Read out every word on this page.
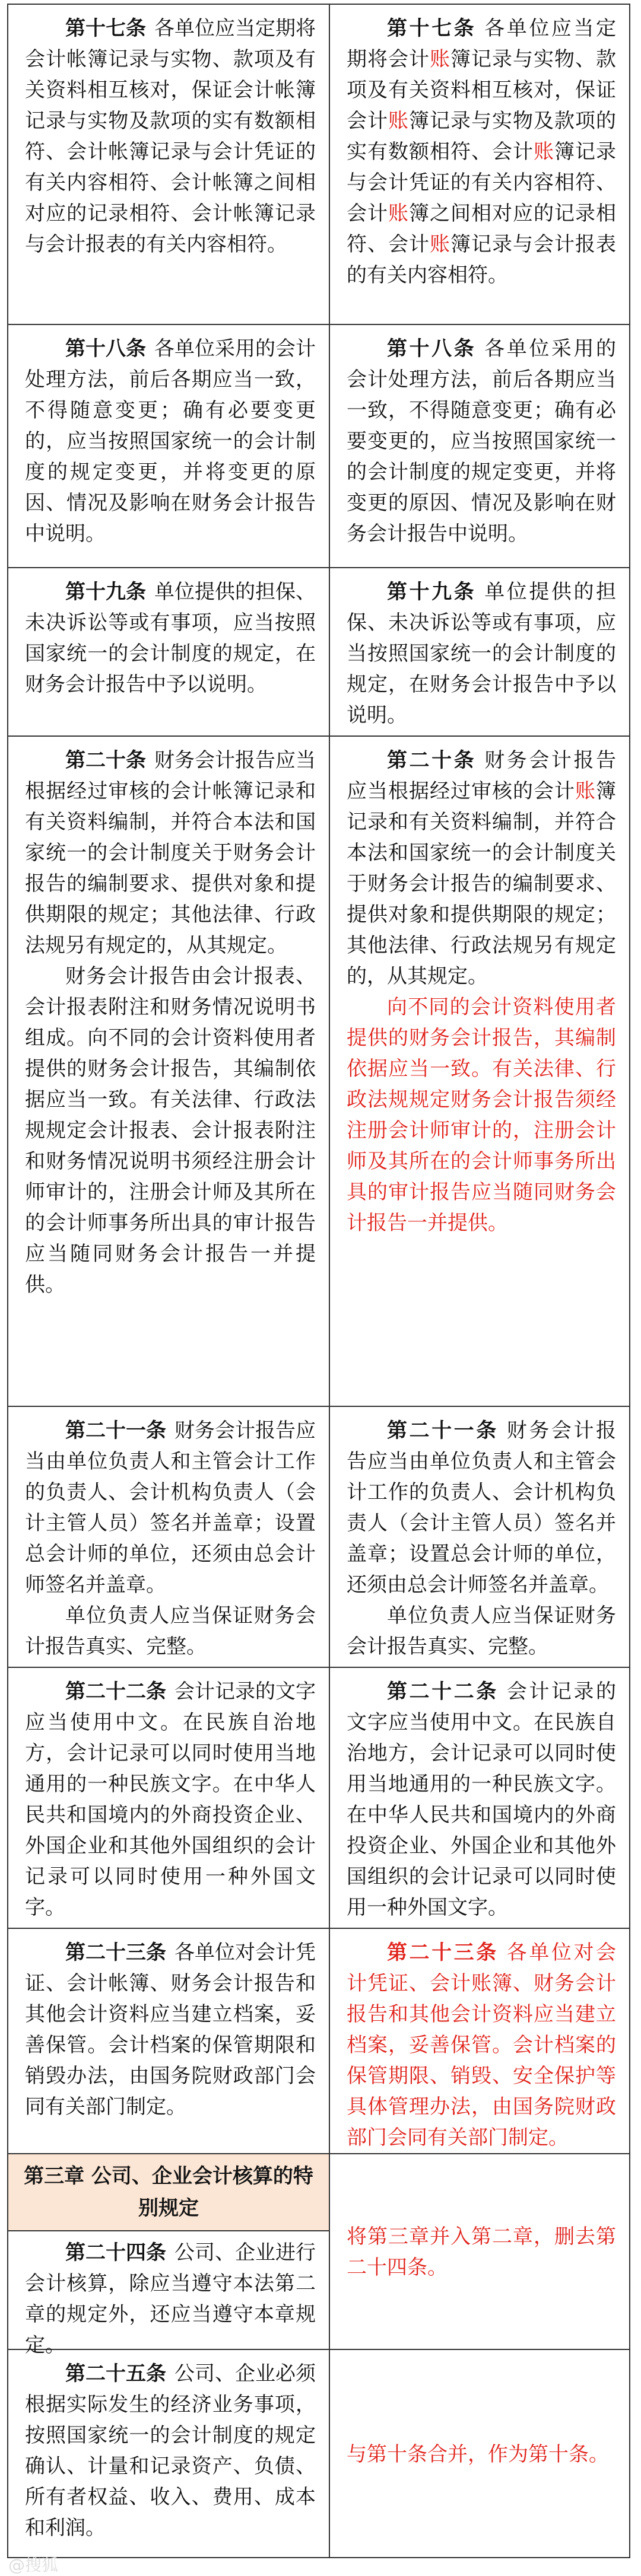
第十七条 各单位应当定期将会计帐簿记录与实物、款项及有关资料相互核对，保证会计帐簿记录与实物及款项的实有数额相符、会计帐簿记录与会计凭证的有关内容相符、会计帐簿之间相对应的记录相符、会计帐簿记录与会计报表的有关内容相符。

第十七条 各单位应当定期将会计账簿记录与实物、款项及有关资料相互核对，保证会计账簿记录与实物及款项的实有数额相符、会计账簿记录与会计凭证的有关内容相符、会计账簿之间相对应的记录相符、会计账簿记录与会计报表的有关内容相符。

第十八条 各单位采用的会计处理方法，前后各期应当一致，不得随意变更；确有必要变更的，应当按照国家统一的会计制度的规定变更，并将变更的原因、情况及影响在财务会计报告中说明。

第十八条 各单位采用的会计处理方法，前后各期应当一致，不得随意变更；确有必要变更的，应当按照国家统一的会计制度的规定变更，并将变更的原因、情况及影响在财务会计报告中说明。

第十九条 单位提供的担保、未决诉讼等或有事项，应当按照国家统一的会计制度的规定，在财务会计报告中予以说明。

第十九条 单位提供的担保、未决诉讼等或有事项，应当按照国家统一的会计制度的规定，在财务会计报告中予以说明。

第二十条 财务会计报告应当根据经过审核的会计帐簿记录和有关资料编制，并符合本法和国家统一的会计制度关于财务会计报告的编制要求、提供对象和提供期限的规定；其他法律、行政法规另有规定的，从其规定。

财务会计报告由会计报表、会计报表附注和财务情况说明书组成。向不同的会计资料使用者提供的财务会计报告，其编制依据应当一致。有关法律、行政法规规定会计报表、会计报表附注和财务情况说明书须经注册会计师审计的，注册会计师及其所在的会计师事务所出具的审计报告应当随同财务会计报告一并提供。

第二十条 财务会计报告应当根据经过审核的会计账簿记录和有关资料编制，并符合本法和国家统一的会计制度关于财务会计报告的编制要求、提供对象和提供期限的规定；其他法律、行政法规另有规定的，从其规定。

向不同的会计资料使用者提供的财务会计报告，其编制依据应当一致。有关法律、行政法规规定财务会计报告须经注册会计师审计的，注册会计师及其所在的会计师事务所出具的审计报告应当随同财务会计报告一并提供。

第二十一条 财务会计报告应当由单位负责人和主管会计工作的负责人、会计机构负责人（会计主管人员）签名并盖章；设置总会计师的单位，还须由总会计师签名并盖章。

单位负责人应当保证财务会计报告真实、完整。

第二十一条 财务会计报告应当由单位负责人和主管会计工作的负责人、会计机构负责人（会计主管人员）签名并盖章；设置总会计师的单位，还须由总会计师签名并盖章。

单位负责人应当保证财务会计报告真实、完整。

第二十二条 会计记录的文字应当使用中文。在民族自治地方，会计记录可以同时使用当地通用的一种民族文字。在中华人民共和国境内的外商投资企业、外国企业和其他外国组织的会计记录可以同时使用一种外国文字。

第二十二条 会计记录的文字应当使用中文。在民族自治地方，会计记录可以同时使用当地通用的一种民族文字。在中华人民共和国境内的外商投资企业、外国企业和其他外国组织的会计记录可以同时使用一种外国文字。

第二十三条 各单位对会计凭证、会计帐簿、财务会计报告和其他会计资料应当建立档案，妥善保管。会计档案的保管期限和销毁办法，由国务院财政部门会同有关部门制定。

第二十三条 各单位对会计凭证、会计账簿、财务会计报告和其他会计资料应当建立档案，妥善保管。会计档案的保管期限、销毁、安全保护等具体管理办法，由国务院财政部门会同有关部门制定。

第三章 公司、企业会计核算的特别规定

第二十四条 公司、企业进行会计核算，除应当遵守本法第二章的规定外，还应当遵守本章规定。

将第三章并入第二章，删去第二十四条。

第二十五条 公司、企业必须根据实际发生的经济业务事项，按照国家统一的会计制度的规定确认、计量和记录资产、负债、所有者权益、收入、费用、成本和利润。

与第十条合并，作为第十条。

@搜狐
